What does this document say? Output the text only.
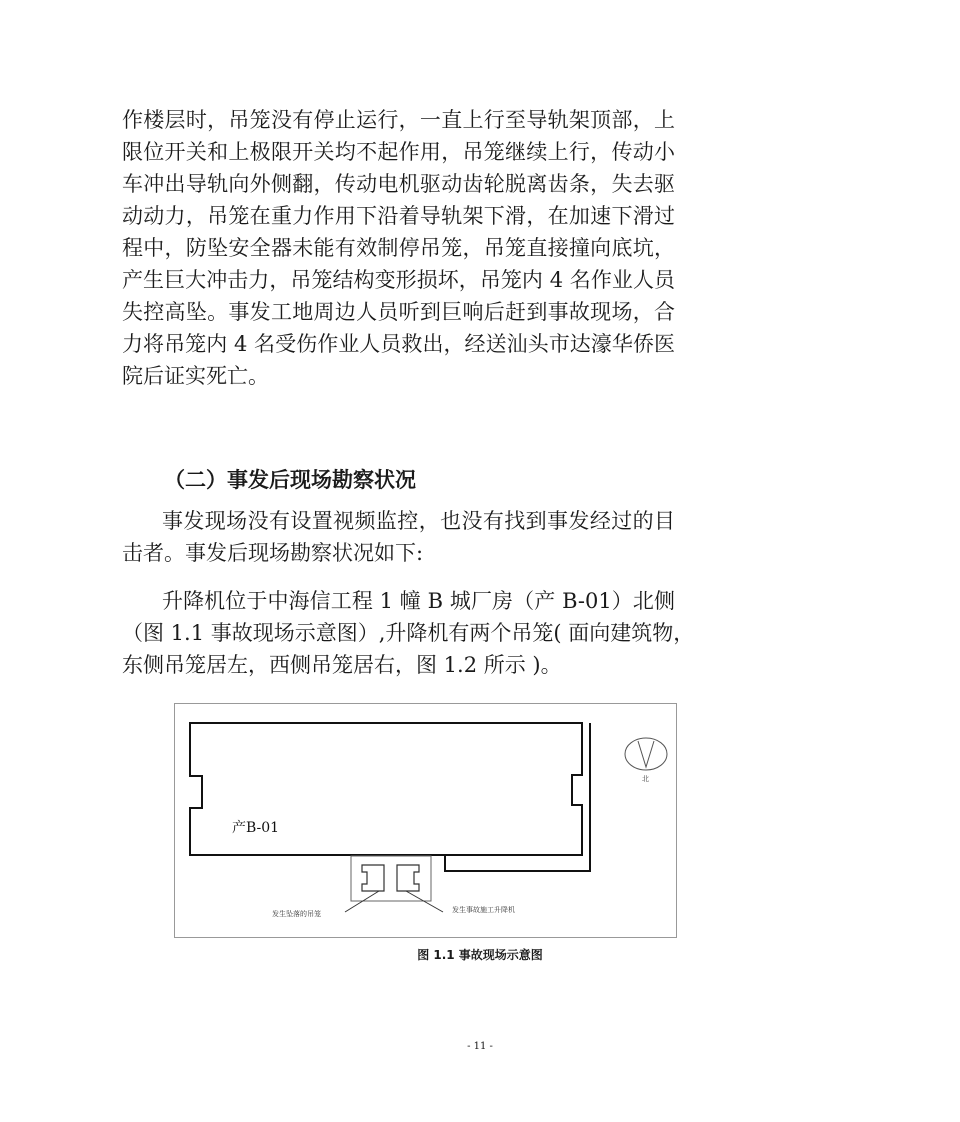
作楼层时，吊笼没有停止运行，一直上行至导轨架顶部，上
限位开关和上极限开关均不起作用，吊笼继续上行，传动小
车冲出导轨向外侧翻，传动电机驱动齿轮脱离齿条，失去驱
动动力，吊笼在重力作用下沿着导轨架下滑，在加速下滑过
程中，防坠安全器未能有效制停吊笼，吊笼直接撞向底坑，
产生巨大冲击力，吊笼结构变形损坏，吊笼内 4 名作业人员
失控高坠。事发工地周边人员听到巨响后赶到事故现场，合
力将吊笼内 4 名受伤作业人员救出，经送汕头市达濠华侨医
院后证实死亡。
（二）事发后现场勘察状况
事发现场没有设置视频监控，也没有找到事发经过的目
击者。事发后现场勘察状况如下:
升降机位于中海信工程 1 幢 B 城厂房（产 B-01）北侧
（图 1.1 事故现场示意图）,升降机有两个吊笼( 面向建筑物，
东侧吊笼居左，西侧吊笼居右，图 1.2 所示 )。
产B-01
北
发生坠落的吊笼	发生事故施工升降机
图 1.1 事故现场示意图
- 11 -
